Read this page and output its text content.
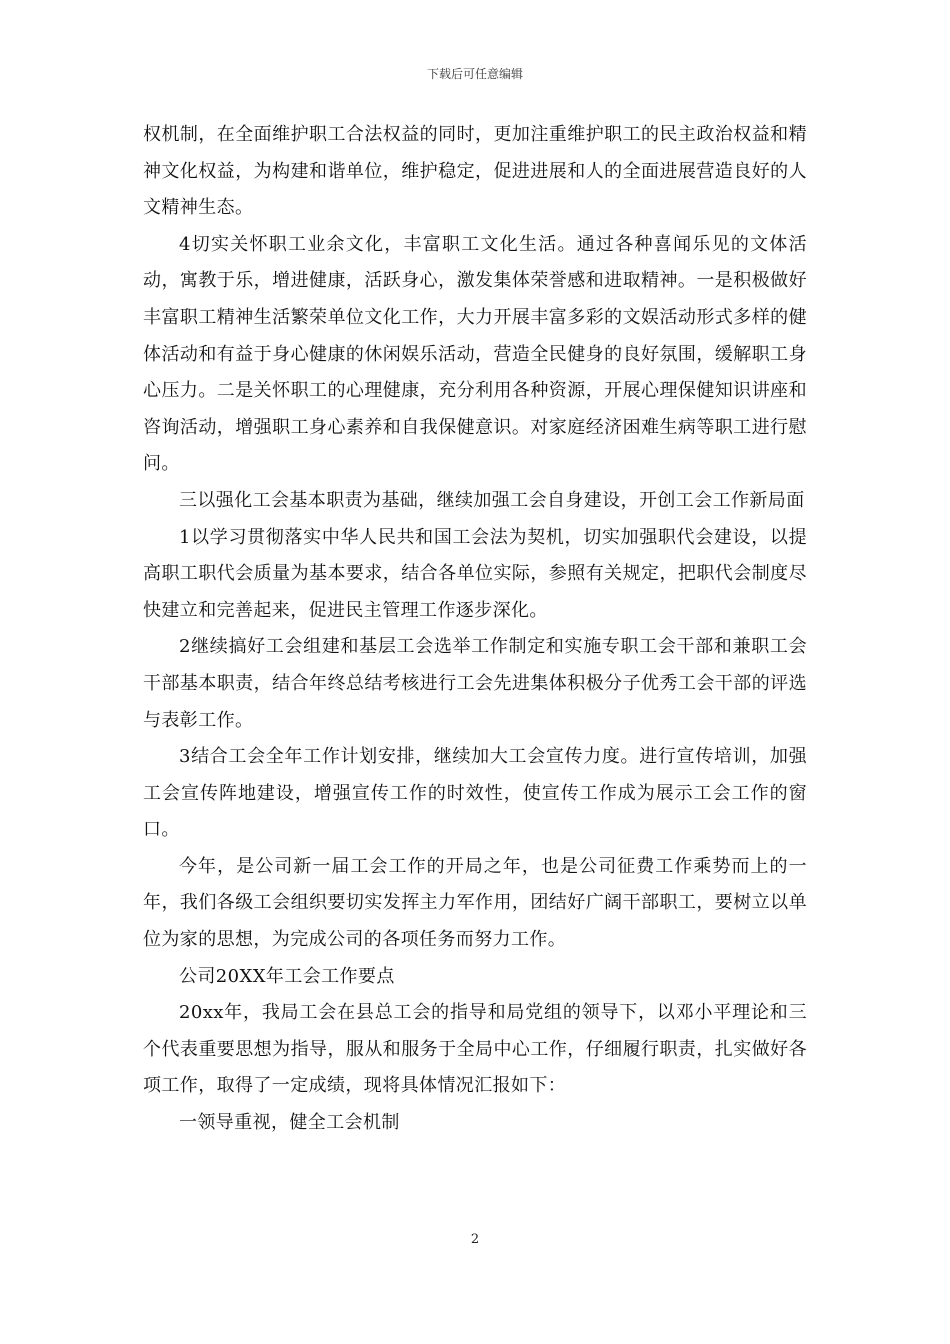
下载后可任意编辑

权机制，在全面维护职工合法权益的同时，更加注重维护职工的民主政治权益和精神文化权益，为构建和谐单位，维护稳定，促进进展和人的全面进展营造良好的人文精神生态。

4切实关怀职工业余文化，丰富职工文化生活。通过各种喜闻乐见的文体活动，寓教于乐，增进健康，活跃身心，激发集体荣誉感和进取精神。一是积极做好丰富职工精神生活繁荣单位文化工作，大力开展丰富多彩的文娱活动形式多样的健体活动和有益于身心健康的休闲娱乐活动，营造全民健身的良好氛围，缓解职工身心压力。二是关怀职工的心理健康，充分利用各种资源，开展心理保健知识讲座和咨询活动，增强职工身心素养和自我保健意识。对家庭经济困难生病等职工进行慰问。

三以强化工会基本职责为基础，继续加强工会自身建设，开创工会工作新局面

1以学习贯彻落实中华人民共和国工会法为契机，切实加强职代会建设，以提高职工职代会质量为基本要求，结合各单位实际，参照有关规定，把职代会制度尽快建立和完善起来，促进民主管理工作逐步深化。

2继续搞好工会组建和基层工会选举工作制定和实施专职工会干部和兼职工会干部基本职责，结合年终总结考核进行工会先进集体积极分子优秀工会干部的评选与表彰工作。

3结合工会全年工作计划安排，继续加大工会宣传力度。进行宣传培训，加强工会宣传阵地建设，增强宣传工作的时效性，使宣传工作成为展示工会工作的窗口。

今年，是公司新一届工会工作的开局之年，也是公司征费工作乘势而上的一年，我们各级工会组织要切实发挥主力军作用，团结好广阔干部职工，要树立以单位为家的思想，为完成公司的各项任务而努力工作。

公司20XX年工会工作要点

20xx年，我局工会在县总工会的指导和局党组的领导下，以邓小平理论和三个代表重要思想为指导，服从和服务于全局中心工作，仔细履行职责，扎实做好各项工作，取得了一定成绩，现将具体情况汇报如下：

一领导重视，健全工会机制

2
